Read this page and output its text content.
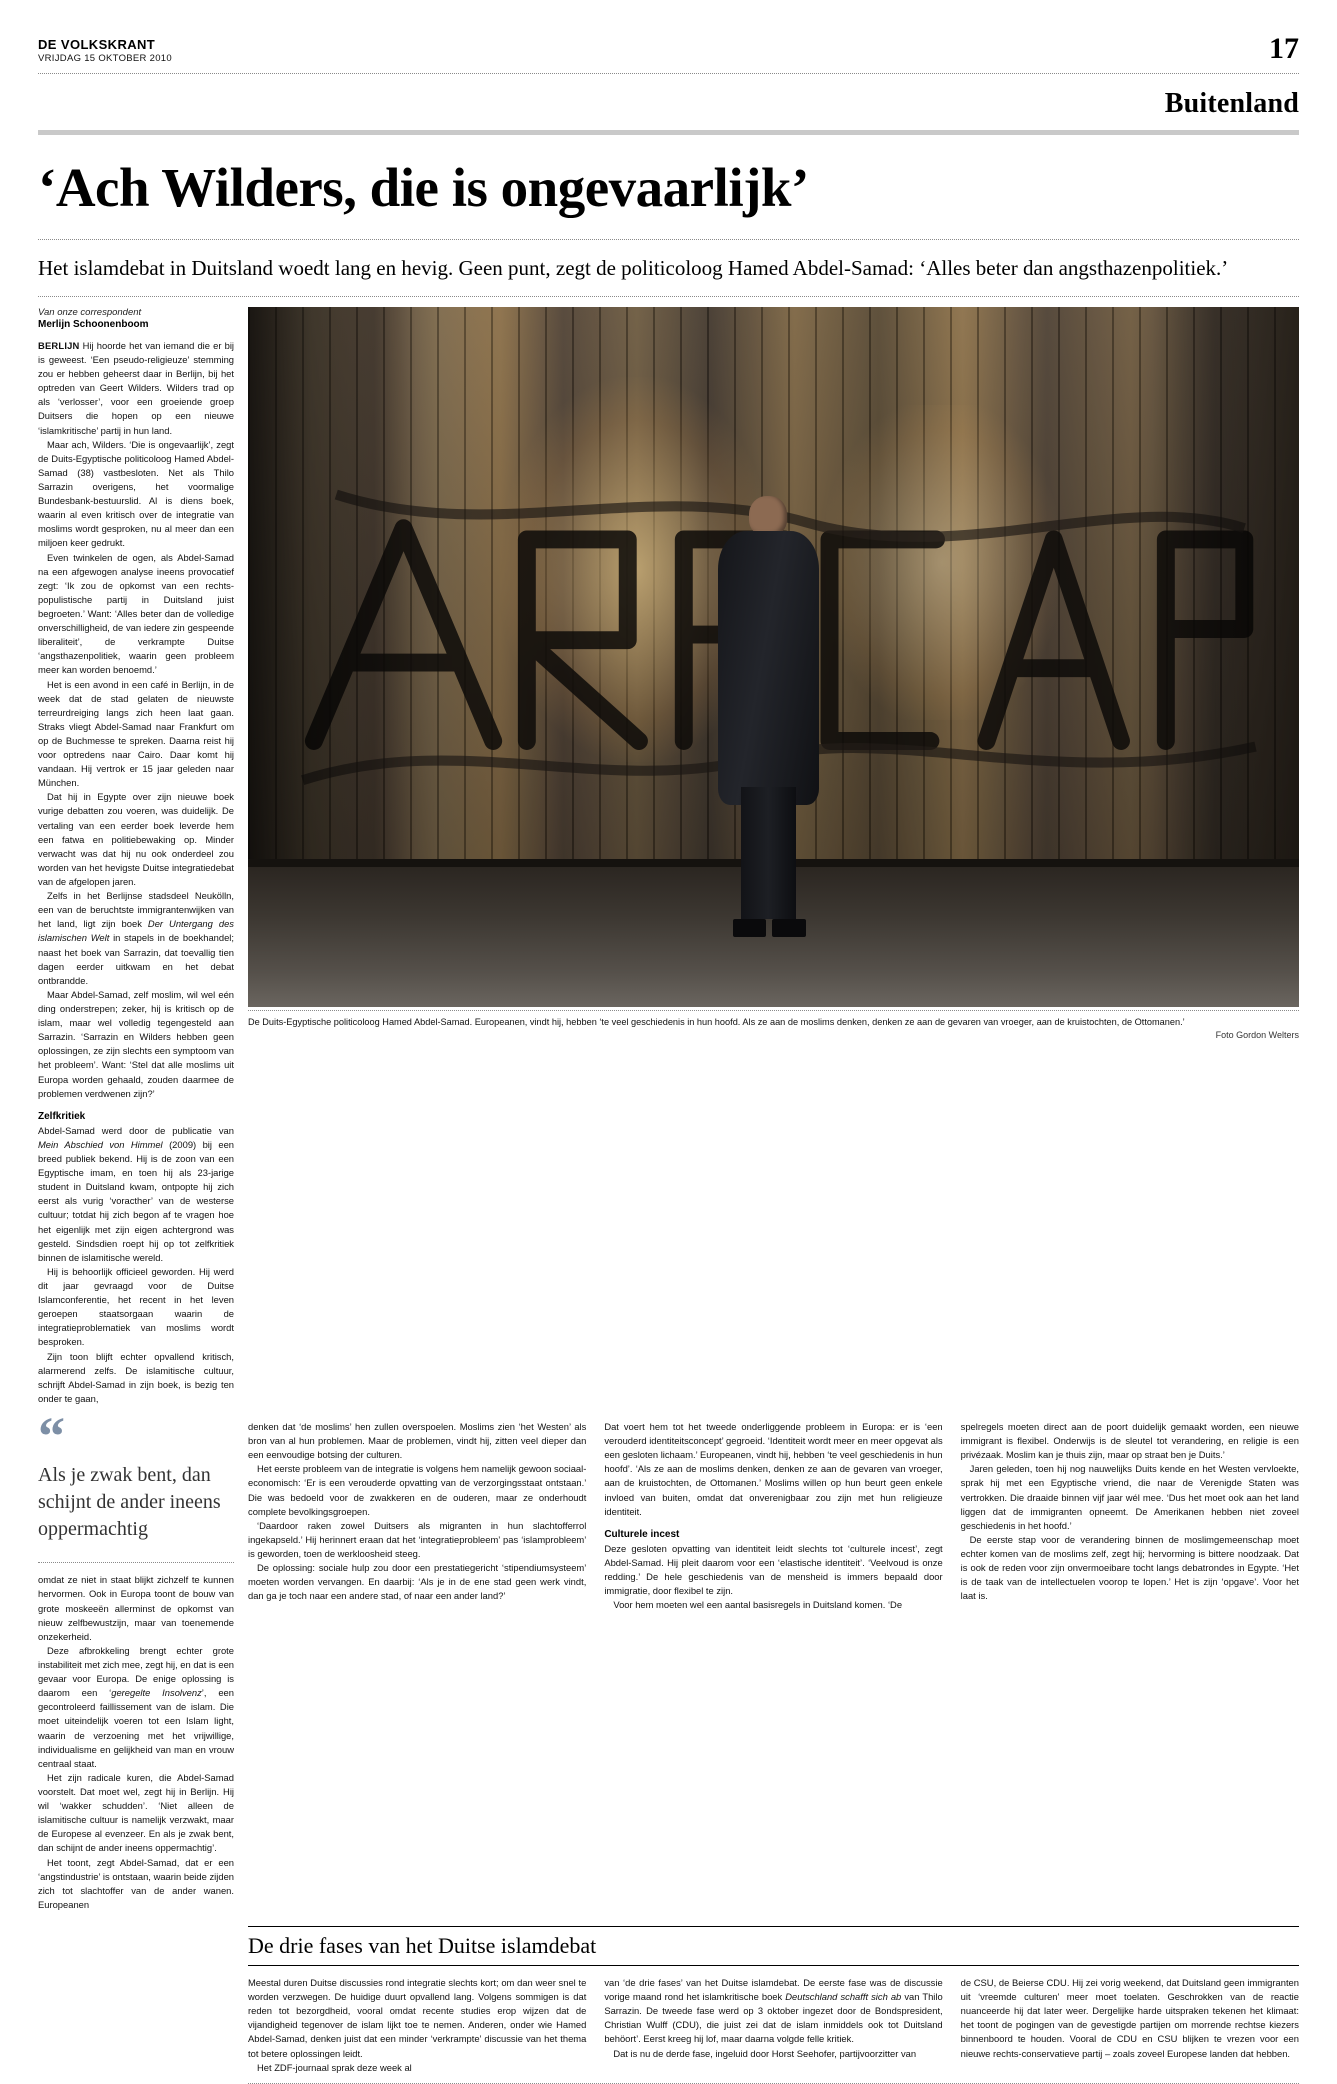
DE VOLKSKRANT
VRIJDAG 15 OKTOBER 2010	17
Buitenland
‘Ach Wilders, die is ongevaarlijk’
Het islamdebat in Duitsland woedt lang en hevig. Geen punt, zegt de politicoloog Hamed Abdel-Samad: ‘Alles beter dan angsthazenpolitiek.’
Van onze correspondent
Merlijn Schoonenboom

BERLIJN Hij hoorde het van iemand die er bij is geweest. ‘Een pseudo-religieuze’ stemming zou er hebben geheerst daar in Berlijn, bij het optreden van Geert Wilders. Wilders trad op als ‘verlosser’, voor een groeiende groep Duitsers die hopen op een nieuwe ‘islamkritische’ partij in hun land.

Maar ach, Wilders. ‘Die is ongevaarlijk’, zegt de Duits-Egyptische politicoloog Hamed Abdel-Samad (38) vastbesloten. Net als Thilo Sarrazin overigens, het voormalige Bundesbank-bestuurslid. Al is diens boek, waarin al even kritisch over de integratie van moslims wordt gesproken, nu al meer dan een miljoen keer gedrukt.

Even twinkelen de ogen, als Abdel-Samad na een afgewogen analyse ineens provocatief zegt: ‘Ik zou de opkomst van een rechts-populistische partij in Duitsland juist begroeten.’ Want: ‘Alles beter dan de volledige onverschilligheid, de van iedere zin gespeende liberaliteit’, de verkrampte Duitse ‘angsthazenpolitiek, waarin geen probleem meer kan worden benoemd.’

Het is een avond in een café in Berlijn, in de week dat de stad gelaten de nieuwste terreurdreiging langs zich heen laat gaan. Straks vliegt Abdel-Samad naar Frankfurt om op de Buchmesse te spreken. Daarna reist hij voor optredens naar Cairo. Daar komt hij vandaan. Hij vertrok er 15 jaar geleden naar München.

Dat hij in Egypte over zijn nieuwe boek vurige debatten zou voeren, was duidelijk. De vertaling van een eerder boek leverde hem een fatwa en politiebewaking op. Minder verwacht was dat hij nu ook onderdeel zou worden van het hevigste Duitse integratiedebat van de afgelopen jaren.

Zelfs in het Berlijnse stadsdeel Neukölln, een van de beruchtste immigrantenwijken van het land, ligt zijn boek Der Untergang des islamischen Welt in stapels in de boekhandel; naast het boek van Sarrazin, dat toevallig tien dagen eerder uitkwam en het debat ontbrandde.

Maar Abdel-Samad, zelf moslim, wil wel eén ding onderstrepen; zeker, hij is kritisch op de islam, maar wel volledig tegengesteld aan Sarrazin. ‘Sarrazin en Wilders hebben geen oplossingen, ze zijn slechts een symptoom van het probleem’. Want: ‘Stel dat alle moslims uit Europa worden gehaald, zouden daarmee de problemen verdwenen zijn?’

Zelfkritiek

Abdel-Samad werd door de publicatie van Mein Abschied von Himmel (2009) bij een breed publiek bekend. Hij is de zoon van een Egyptische imam, en toen hij als 23-jarige student in Duitsland kwam, ontpopte hij zich eerst als vurig ‘voracther’ van de westerse cultuur; totdat hij zich begon af te vragen hoe het eigenlijk met zijn eigen achtergrond was gesteld. Sindsdien roept hij op tot zelfkritiek binnen de islamitische wereld.

Hij is behoorlijk officieel geworden. Hij werd dit jaar gevraagd voor de Duitse Islamconferentie, het recent in het leven geroepen staatsorgaan waarin de integratieproblematiek van moslims wordt besproken.

Zijn toon blijft echter opvallend kritisch, alarmerend zelfs. De islamitische cultuur, schrijft Abdel-Samad in zijn boek, is bezig ten onder te gaan,

De Duits-Egyptische politicoloog Hamed Abdel-Samad. Europeanen, vindt hij, hebben ‘te veel geschiedenis in hun hoofd. Als ze aan de moslims denken, denken ze aan de gevaren van vroeger, aan de kruistochten, de Ottomanen.’
Foto Gordon Welters
“
Als je zwak bent, dan schijnt de ander ineens oppermachtig

omdat ze niet in staat blijkt zichzelf te kunnen hervormen. Ook in Europa toont de bouw van grote moskeeën allerminst de opkomst van nieuw zelfbewustzijn, maar van toenemende onzekerheid.

Deze afbrokkeling brengt echter grote instabiliteit met zich mee, zegt hij, en dat is een gevaar voor Europa. De enige oplossing is daarom een ‘geregelte Insolvenz’, een gecontroleerd faillissement van de islam. Die moet uiteindelijk voeren tot een Islam light, waarin de verzoening met het vrijwillige, individualisme en gelijkheid van man en vrouw centraal staat.

Het zijn radicale kuren, die Abdel-Samad voorstelt. Dat moet wel, zegt hij in Berlijn. Hij wil ‘wakker schudden’. ‘Niet alleen de islamitische cultuur is namelijk verzwakt, maar de Europese al evenzeer. En als je zwak bent, dan schijnt de ander ineens oppermachtig’.

Het toont, zegt Abdel-Samad, dat er een ‘angstindustrie’ is ontstaan, waarin beide zijden zich tot slachtoffer van de ander wanen. Europeanen

denken dat ‘de moslims’ hen zullen overspoelen. Moslims zien ‘het Westen’ als bron van al hun problemen. Maar de problemen, vindt hij, zitten veel dieper dan een eenvoudige botsing der culturen.

Het eerste probleem van de integratie is volgens hem namelijk gewoon sociaal-economisch: ‘Er is een verouderde opvatting van de verzorgingsstaat ontstaan.’ Die was bedoeld voor de zwakkeren en de ouderen, maar ze onderhoudt complete bevolkingsgroepen.

‘Daardoor raken zowel Duitsers als migranten in hun slachtofferrol ingekapseld.’ Hij herinnert eraan dat het ‘integratieprobleem’ pas ‘islamprobleem’ is geworden, toen de werkloosheid steeg.

De oplossing: sociale hulp zou door een prestatiegericht ‘stipendiumsysteem’ moeten worden vervangen. En daarbij: ‘Als je in de ene stad geen werk vindt, dan ga je toch naar een andere stad, of naar een ander land?’

Dat voert hem tot het tweede onderliggende probleem in Europa: er is ‘een verouderd identiteitsconcept’ gegroeid. ‘Identiteit wordt meer en meer opgevat als een gesloten lichaam.’ Europeanen, vindt hij, hebben ‘te veel geschiedenis in hun hoofd’. ‘Als ze aan de moslims denken, denken ze aan de gevaren van vroeger, aan de kruistochten, de Ottomanen.’ Moslims willen op hun beurt geen enkele invloed van buiten, omdat dat onverenigbaar zou zijn met hun religieuze identiteit.

Culturele incest

Deze gesloten opvatting van identiteit leidt slechts tot ‘culturele incest’, zegt Abdel-Samad. Hij pleit daarom voor een ‘elastische identiteit’. ‘Veelvoud is onze redding.’ De hele geschiedenis van de mensheid is immers bepaald door immigratie, door flexibel te zijn.

Voor hem moeten wel een aantal basisregels in Duitsland komen. ‘De

spelregels moeten direct aan de poort duidelijk gemaakt worden, een nieuwe immigrant is flexibel. Onderwijs is de sleutel tot verandering, en religie is een privézaak. Moslim kan je thuis zijn, maar op straat ben je Duits.’

Jaren geleden, toen hij nog nauwelijks Duits kende en het Westen vervloekte, sprak hij met een Egyptische vriend, die naar de Verenigde Staten was vertrokken. Die draaide binnen vijf jaar wél mee. ‘Dus het moet ook aan het land liggen dat de immigranten opneemt. De Amerikanen hebben niet zoveel geschiedenis in het hoofd.’

De eerste stap voor de verandering binnen de moslimgemeenschap moet echter komen van de moslims zelf, zegt hij; hervorming is bittere noodzaak. Dat is ook de reden voor zijn onvermoeibare tocht langs debatrondes in Egypte. ‘Het is de taak van de intellectuelen voorop te lopen.’ Het is zijn ‘opgave’. Voor het laat is.

De drie fases van het Duitse islamdebat

Meestal duren Duitse discussies rond integratie slechts kort; om dan weer snel te worden verzwegen. De huidige duurt opvallend lang. Volgens sommigen is dat reden tot bezorgdheid, vooral omdat recente studies erop wijzen dat de vijandigheid tegenover de islam lijkt toe te nemen. Anderen, onder wie Hamed Abdel-Samad, denken juist dat een minder ‘verkrampte’ discussie van het thema tot betere oplossingen leidt.

Het ZDF-journaal sprak deze week al

van ‘de drie fases’ van het Duitse islamdebat. De eerste fase was de discussie vorige maand rond het islamkritische boek Deutschland schafft sich ab van Thilo Sarrazin. De tweede fase werd op 3 oktober ingezet door de Bondspresident, Christian Wulff (CDU), die juist zei dat de islam inmiddels ook tot Duitsland behöort’. Eerst kreeg hij lof, maar daarna volgde felle kritiek.

Dat is nu de derde fase, ingeluid door Horst Seehofer, partijvoorzitter van

de CSU, de Beierse CDU. Hij zei vorig weekend, dat Duitsland geen immigranten uit ‘vreemde culturen’ meer moet toelaten. Geschrokken van de reactie nuanceerde hij dat later weer. Dergelijke harde uitspraken tekenen het klimaat: het toont de pogingen van de gevestigde partijen om morrende rechtse kiezers binnenboord te houden. Vooral de CDU en CSU blijken te vrezen voor een nieuwe rechts-conservatieve partij – zoals zoveel Europese landen dat hebben.
